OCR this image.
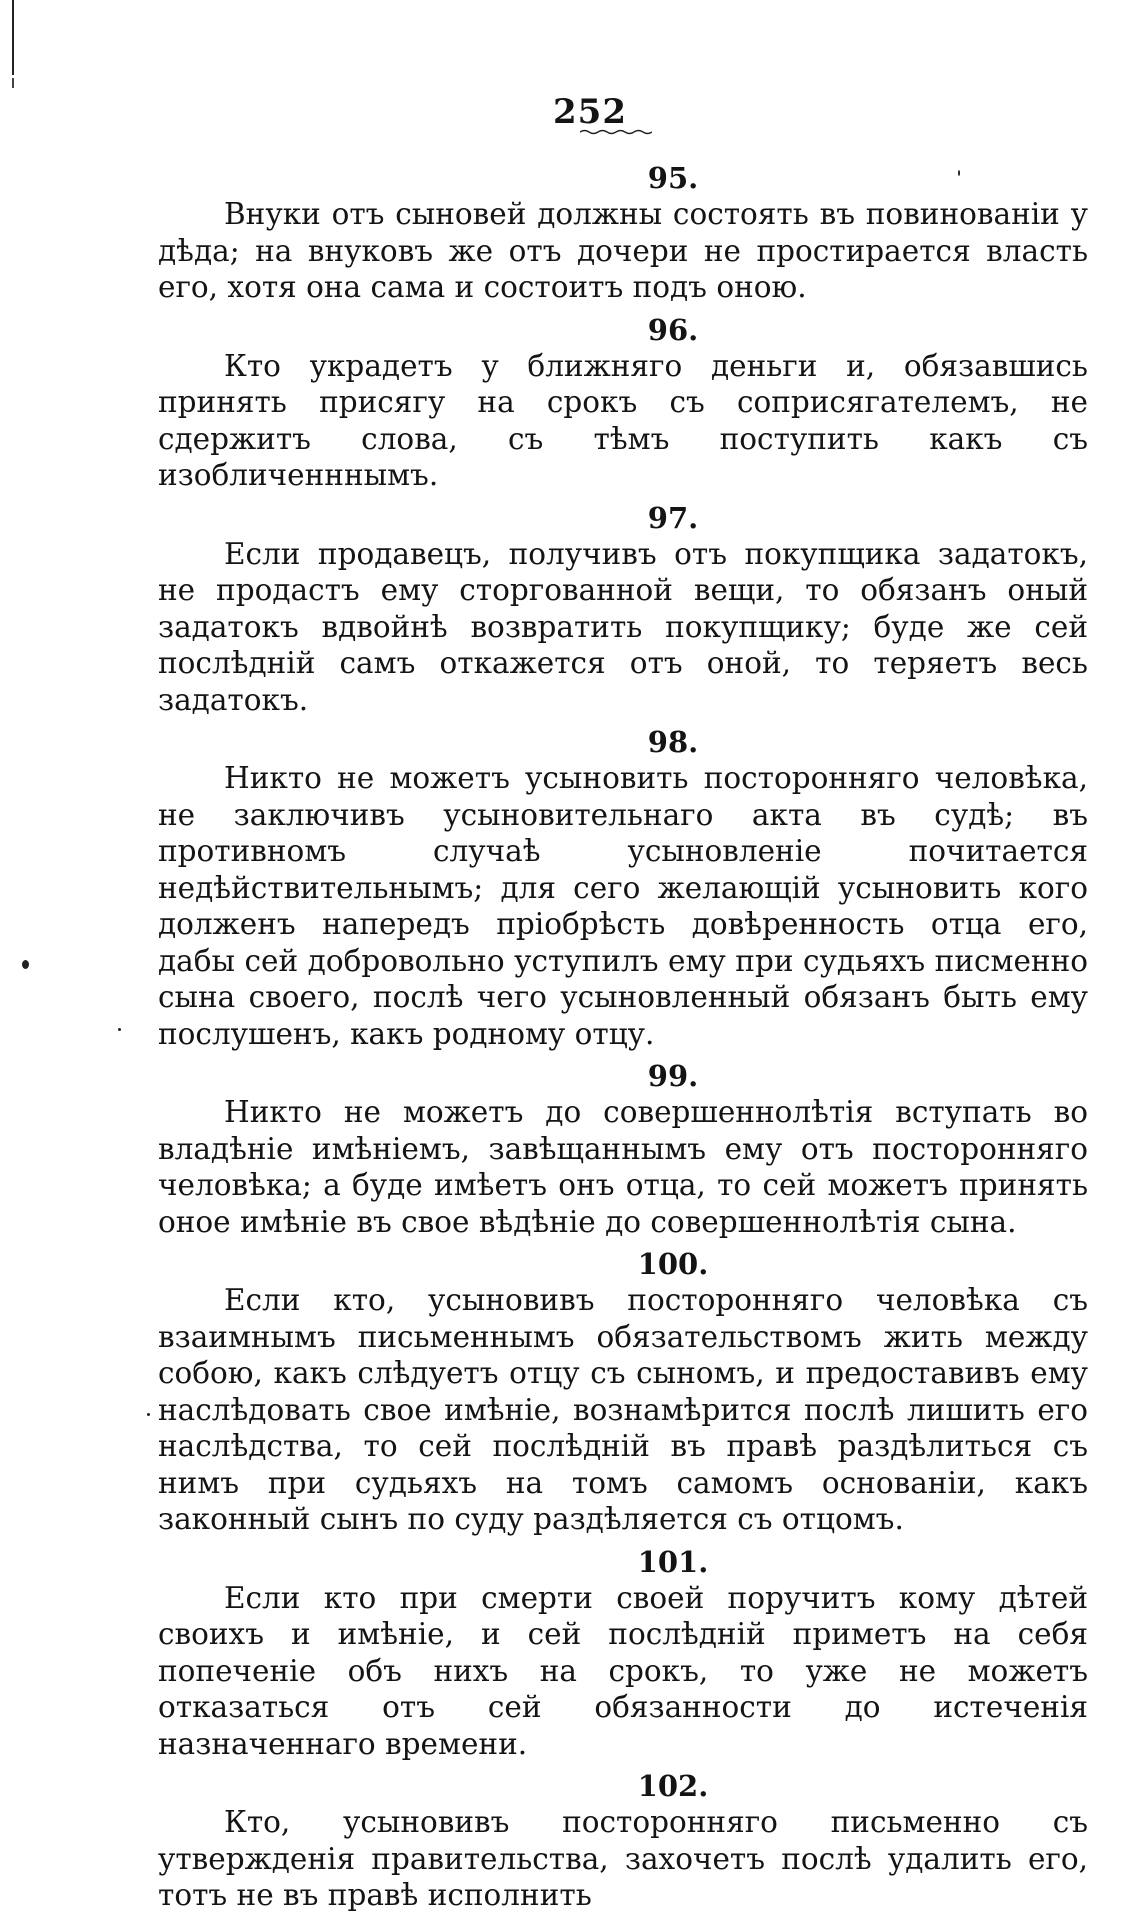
252
95.

Внуки отъ сыновей должны состоять въ повиновaнiи у дѣда; на внуковъ же отъ дочери не простирается власть его, хотя она сама и состоитъ подъ оною.

96.

Кто украдетъ у ближняго деньги и, обязавшись принять присягу на срокъ съ соприсягателемъ, не сдержитъ слова, съ тѣмъ поступить какъ съ изобличенннымъ.

97.

Если продавецъ, получивъ отъ покупщика задатокъ, не продастъ ему сторгованной вещи, то обязанъ оный задатокъ вдвойнѣ возвратить покупщику; буде же сей послѣднiй самъ откажется отъ оной, то теряетъ весь задатокъ.

98.

Никто не можетъ усыновить посторонняго человѣка, не заключивъ усыновительнаго акта въ судѣ; въ противномъ случаѣ усыновленiе почитается недѣйствительнымъ; для сего желающiй усыновить кого должeнъ напередъ прiобрѣсть довѣренность отца его, дабы сей добровольно уступилъ ему при судьяхъ писменно сына своего, послѣ чего усыновленный обязанъ быть ему послушенъ, какъ родному отцу.

99.

Никто не можетъ до совершеннолѣтiя вступать во владѣнiе имѣнiемъ, завѣщаннымъ ему отъ посторонняго человѣка; а буде имѣетъ онъ отца, то сей можетъ принять оное имѣнiе въ свое вѣдѣнiе до совершеннолѣтiя сына.

100.

Если кто, усыновивъ посторонняго человѣка съ взаимнымъ письменнымъ обязательствомъ жить между собою, какъ слѣдуетъ отцу съ сыномъ, и предоставивъ ему наслѣдовать свое имѣнiе, вознамѣрится послѣ лишить его наслѣдства, то сей послѣднiй въ правѣ раздѣлиться съ нимъ при судьяхъ на томъ самомъ основанiи, какъ законный сынъ по суду раздѣляется съ отцомъ.

101.

Если кто при смерти своей поручитъ кому дѣтей своихъ и имѣнiе, и сей послѣднiй приметъ на себя попеченiе объ нихъ на срокъ, то уже не можетъ отказаться отъ сей обязанности до истеченiя назначеннаго времени.

102.

Кто, усыновивъ посторонняго письменно съ утвержденiя правительства, захочетъ послѣ удалить его, тотъ не въ правѣ исполнить
